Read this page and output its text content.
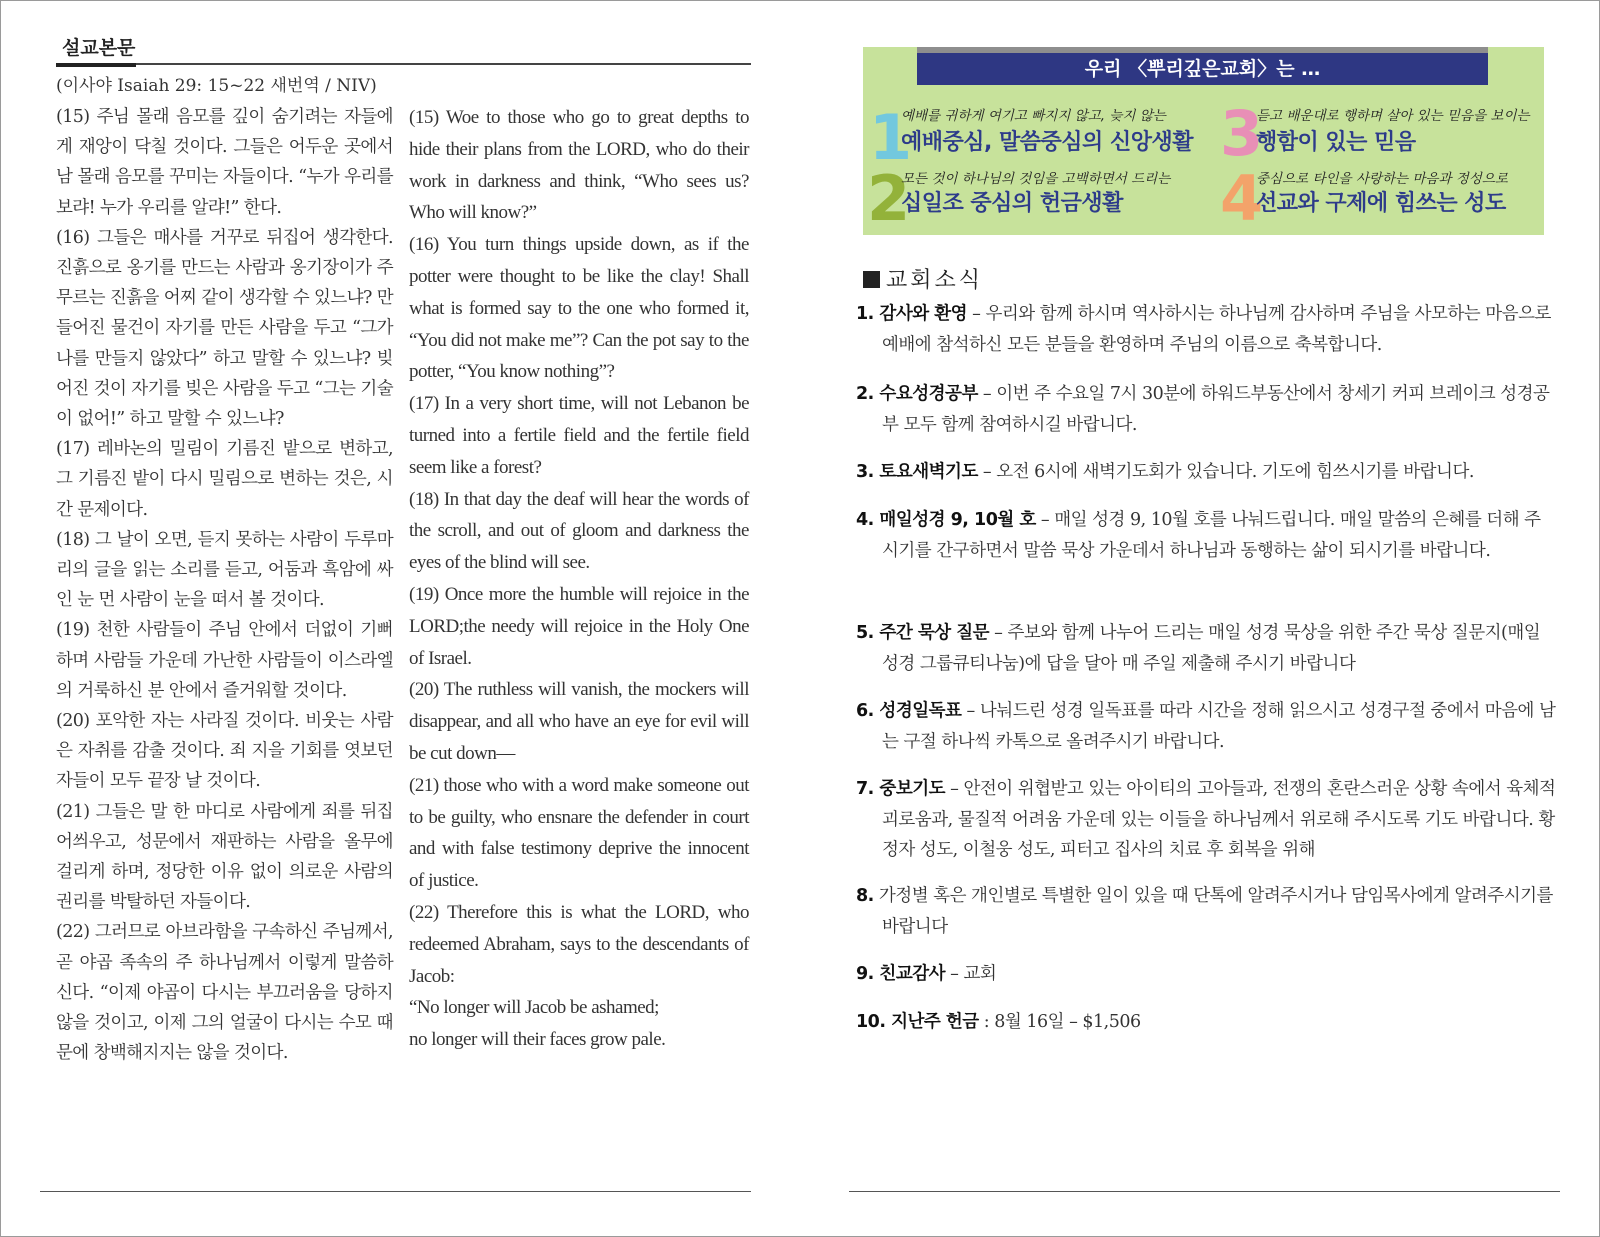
설교본문
(이사야 Isaiah 29: 15~22 새번역 / NIV)

(15) 주님 몰래 음모를 깊이 숨기려는 자들에게 재앙이 닥칠 것이다. 그들은 어두운 곳에서 남 몰래 음모를 꾸미는 자들이다. “누가 우리를 보랴! 누가 우리를 알랴!” 한다.

(16) 그들은 매사를 거꾸로 뒤집어 생각한다. 진흙으로 옹기를 만드는 사람과 옹기장이가 주무르는 진흙을 어찌 같이 생각할 수 있느냐? 만들어진 물건이 자기를 만든 사람을 두고 “그가 나를 만들지 않았다” 하고 말할 수 있느냐? 빚어진 것이 자기를 빚은 사람을 두고 “그는 기술이 없어!” 하고 말할 수 있느냐?

(17) 레바논의 밀림이 기름진 밭으로 변하고, 그 기름진 밭이 다시 밀림으로 변하는 것은, 시간 문제이다.

(18) 그 날이 오면, 듣지 못하는 사람이 두루마리의 글을 읽는 소리를 듣고, 어둠과 흑암에 싸인 눈 먼 사람이 눈을 떠서 볼 것이다.

(19) 천한 사람들이 주님 안에서 더없이 기뻐하며 사람들 가운데 가난한 사람들이 이스라엘의 거룩하신 분 안에서 즐거워할 것이다.

(20) 포악한 자는 사라질 것이다. 비웃는 사람은 자취를 감출 것이다. 죄 지을 기회를 엿보던 자들이 모두 끝장 날 것이다.

(21) 그들은 말 한 마디로 사람에게 죄를 뒤집어씌우고, 성문에서 재판하는 사람을 올무에 걸리게 하며, 정당한 이유 없이 의로운 사람의 권리를 박탈하던 자들이다.

(22) 그러므로 아브라함을 구속하신 주님께서, 곧 야곱 족속의 주 하나님께서 이렇게 말씀하신다. “이제 야곱이 다시는 부끄러움을 당하지 않을 것이고, 이제 그의 얼굴이 다시는 수모 때문에 창백해지지는 않을 것이다.

(15) Woe to those who go to great depths to hide their plans from the LORD, who do their work in darkness and think, “Who sees us? Who will know?”

(16) You turn things upside down, as if the potter were thought to be like the clay! Shall what is formed say to the one who formed it, “You did not make me”? Can the pot say to the potter, “You know nothing”?

(17) In a very short time, will not Lebanon be turned into a fertile field and the fertile field seem like a forest?

(18) In that day the deaf will hear the words of the scroll, and out of gloom and darkness the eyes of the blind will see.

(19) Once more the humble will rejoice in the LORD;the needy will rejoice in the Holy One of Israel.

(20) The ruthless will vanish, the mockers will disappear, and all who have an eye for evil will be cut down—

(21) those who with a word make someone out to be guilty, who ensnare the defender in court and with false testimony deprive the innocent of justice.

(22) Therefore this is what the LORD, who redeemed Abraham, says to the descendants of Jacob:

“No longer will Jacob be ashamed;

no longer will their faces grow pale.

우리 〈뿌리깊은교회〉는 …
1
예배를 귀하게 여기고 빠지지 않고, 늦지 않는
예배중심, 말씀중심의 신앙생활
2
모든 것이 하나님의 것임을 고백하면서 드리는
십일조 중심의 헌금생활
3
듣고 배운대로 행하며 살아 있는 믿음을 보이는
행함이 있는 믿음
4
중심으로 타인을 사랑하는 마음과 정성으로
선교와 구제에 힘쓰는 성도
교회소식
1. 감사와 환영 – 우리와 함께 하시며 역사하시는 하나님께 감사하며 주님을 사모하는 마음으로 예배에 참석하신 모든 분들을 환영하며 주님의 이름으로 축복합니다.
2. 수요성경공부 – 이번 주 수요일 7시 30분에 하워드부동산에서 창세기 커피 브레이크 성경공부 모두 함께 참여하시길 바랍니다.
3. 토요새벽기도 – 오전 6시에 새벽기도회가 있습니다. 기도에 힘쓰시기를 바랍니다.
4. 매일성경 9, 10월 호 – 매일 성경 9, 10월 호를 나눠드립니다. 매일 말씀의 은혜를 더해 주시기를 간구하면서 말씀 묵상 가운데서 하나님과 동행하는 삶이 되시기를 바랍니다.
5. 주간 묵상 질문 – 주보와 함께 나누어 드리는 매일 성경 묵상을 위한 주간 묵상 질문지(매일성경 그룹큐티나눔)에 답을 달아 매 주일 제출해 주시기 바랍니다
6. 성경일독표 – 나눠드린 성경 일독표를 따라 시간을 정해 읽으시고 성경구절 중에서 마음에 남는 구절 하나씩 카톡으로 올려주시기 바랍니다.
7. 중보기도 – 안전이 위협받고 있는 아이티의 고아들과, 전쟁의 혼란스러운 상황 속에서 육체적 괴로움과, 물질적 어려움 가운데 있는 이들을 하나님께서 위로해 주시도록 기도 바랍니다. 황정자 성도, 이철웅 성도, 피터고 집사의 치료 후 회복을 위해
8. 가정별 혹은 개인별로 특별한 일이 있을 때 단톡에 알려주시거나 담임목사에게 알려주시기를 바랍니다
9. 친교감사 – 교회
10. 지난주 헌금 : 8월 16일 – $1,506
